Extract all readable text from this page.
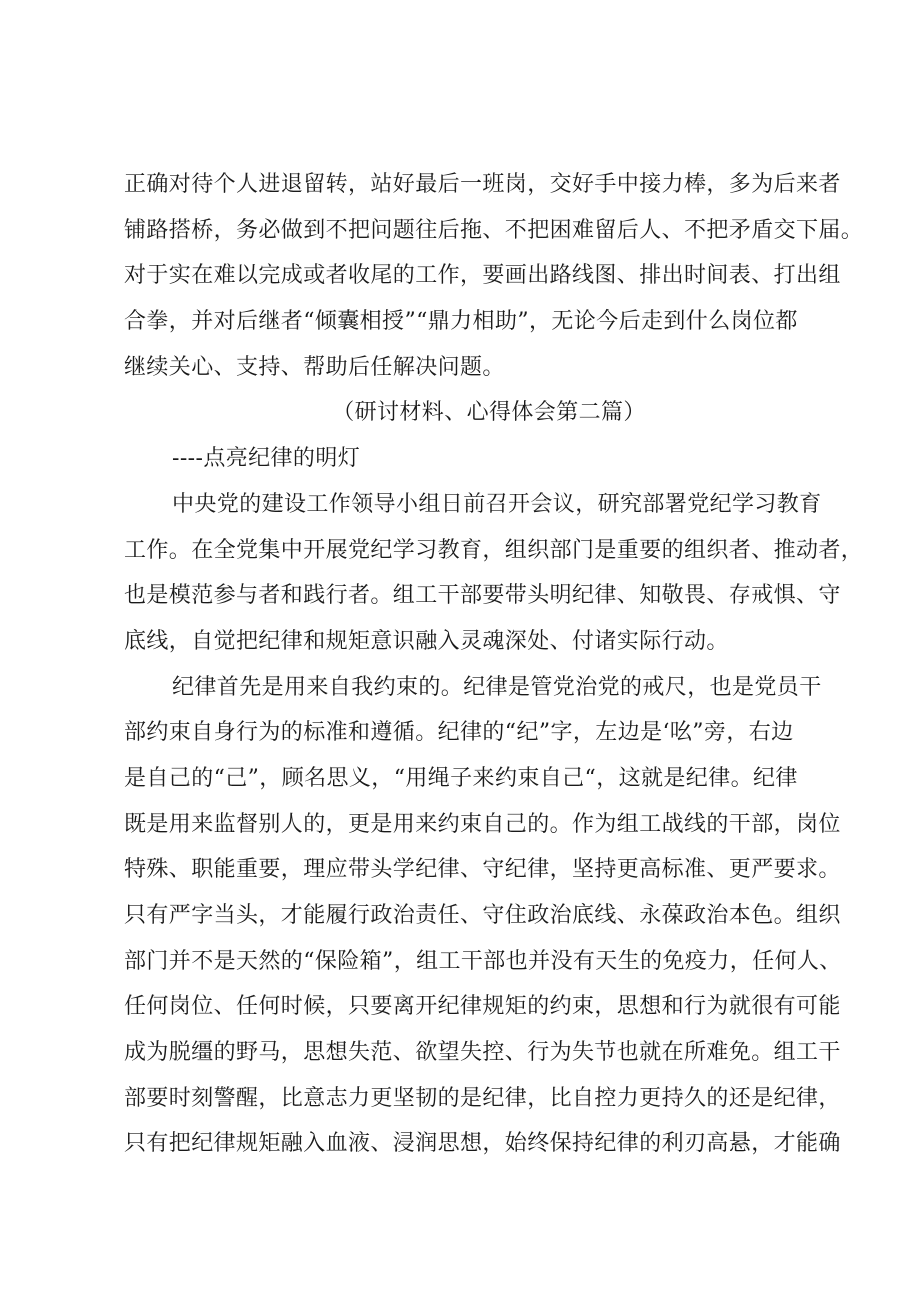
正确对待个人进退留转，站好最后一班岗，交好手中接力棒，多为后来者
铺路搭桥，务必做到不把问题往后拖、不把困难留后人、不把矛盾交下届。
对于实在难以完成或者收尾的工作，要画出路线图、排出时间表、打出组
合拳，并对后继者“倾囊相授”“鼎力相助”，无论今后走到什么岗位都
继续关心、支持、帮助后任解决问题。
（研讨材料、心得体会第二篇）
----点亮纪律的明灯
中央党的建设工作领导小组日前召开会议，研究部署党纪学习教育
工作。在全党集中开展党纪学习教育，组织部门是重要的组织者、推动者，
也是模范参与者和践行者。组工干部要带头明纪律、知敬畏、存戒惧、守
底线，自觉把纪律和规矩意识融入灵魂深处、付诸实际行动。
纪律首先是用来自我约束的。纪律是管党治党的戒尺，也是党员干
部约束自身行为的标准和遵循。纪律的“纪”字，左边是‘吆”旁，右边
是自己的“己”，顾名思义，“用绳子来约束自己“，这就是纪律。纪律
既是用来监督别人的，更是用来约束自己的。作为组工战线的干部，岗位
特殊、职能重要，理应带头学纪律、守纪律，坚持更高标准、更严要求。
只有严字当头，才能履行政治责任、守住政治底线、永葆政治本色。组织
部门并不是天然的“保险箱”，组工干部也并没有天生的免疫力，任何人、
任何岗位、任何时候，只要离开纪律规矩的约束，思想和行为就很有可能
成为脱缰的野马，思想失范、欲望失控、行为失节也就在所难免。组工干
部要时刻警醒，比意志力更坚韧的是纪律，比自控力更持久的还是纪律，
只有把纪律规矩融入血液、浸润思想，始终保持纪律的利刃高悬，才能确
